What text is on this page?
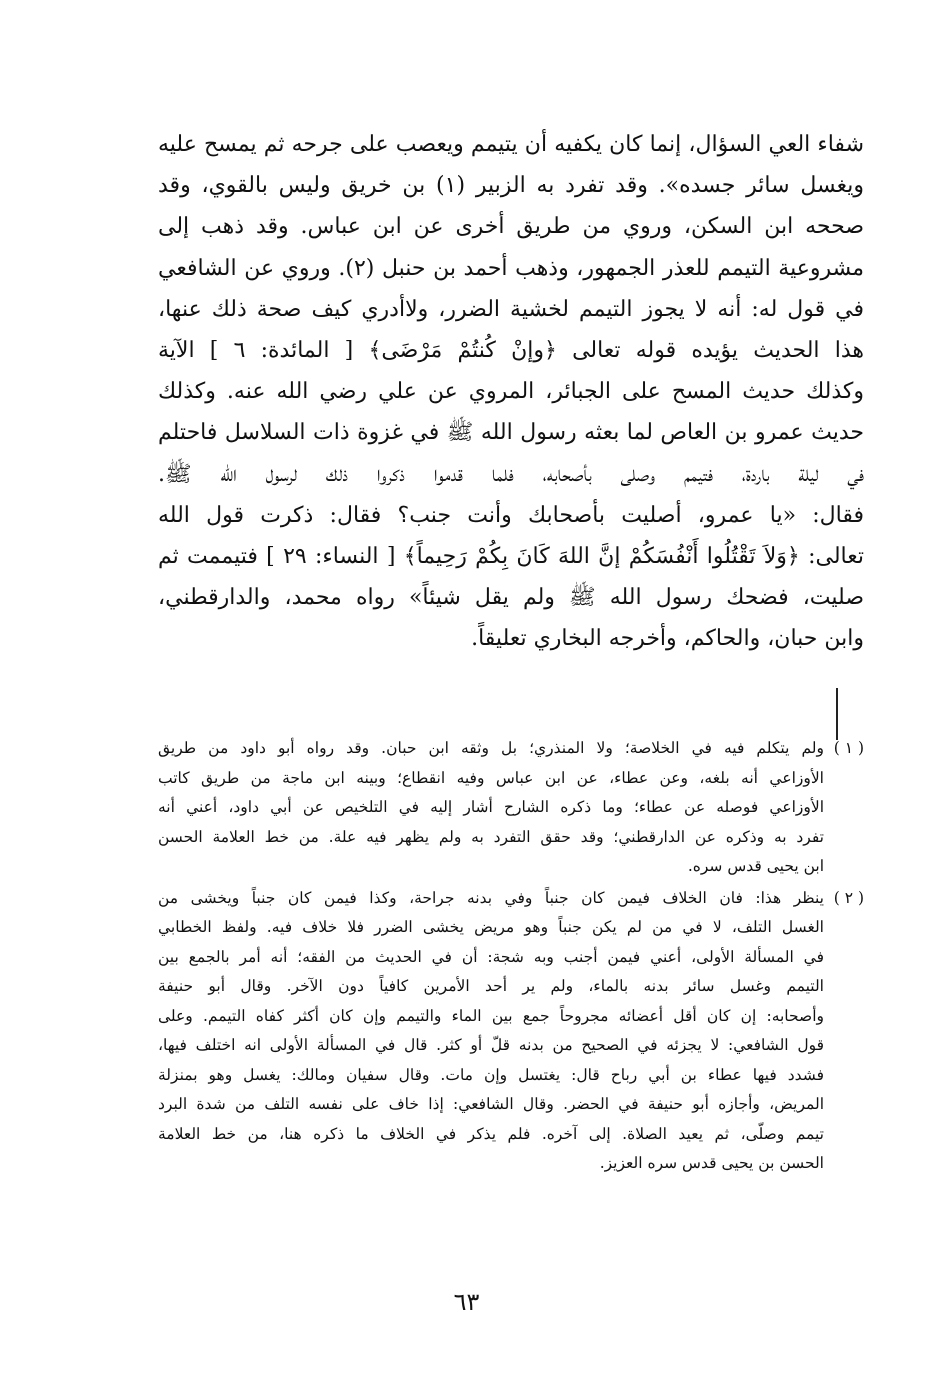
شفاء العي السؤال، إنما كان يكفيه أن يتيمم ويعصب على جرحه ثم يمسح عليه
ويغسل سائر جسده». وقد تفرد به الزبير (١) بن خريق وليس بالقوي، وقد
صححه ابن السكن، وروي من طريق أخرى عن ابن عباس. وقد ذهب إلى
مشروعية التيمم للعذر الجمهور، وذهب أحمد بن حنبل (٢). وروي عن الشافعي
في قول له: أنه لا يجوز التيمم لخشية الضرر، ولاأدري كيف صحة ذلك عنها،
هذا الحديث يؤيده قوله تعالى ﴿وإنْ كُنتُمْ مَرْضَى﴾ [ المائدة: ٦ ] الآية
وكذلك حديث المسح على الجبائر، المروي عن علي رضي الله عنه. وكذلك
حديث عمرو بن العاص لما بعثه رسول الله ﷺ في غزوة ذات السلاسل فاحتلم
في ليلة باردة، فتيمم وصلى بأصحابه، فلما قدموا ذكروا ذلك لرسول الله ﷺ.
فقال: «يا عمرو، أصليت بأصحابك وأنت جنب؟ فقال: ذكرت قول الله
تعالى: ﴿وَلاَ تَقْتُلُوا أَنْفُسَكُمْ إنَّ اللهَ كَانَ بِكُمْ رَحِيماً﴾ [ النساء: ٢٩ ] فتيممت ثم
صليت، فضحك رسول الله ﷺ ولم يقل شيئاً» رواه محمد، والدارقطني،
وابن حبان، والحاكم، وأخرجه البخاري تعليقاً.
( ١ )
ولم يتكلم فيه في الخلاصة؛ ولا المنذري؛ بل وثقه ابن حبان. وقد رواه أبو داود من طريق
الأوزاعي أنه بلغه، وعن عطاء، عن ابن عباس وفيه انقطاع؛ وبينه ابن ماجة من طريق كاتب
الأوزاعي فوصله عن عطاء؛ وما ذكره الشارح أشار إليه في التلخيص عن أبي داود، أعني أنه
تفرد به وذكره عن الدارقطني؛ وقد حقق التفرد به ولم يظهر فيه علة. من خط العلامة الحسن
ابن يحيى قدس سره.
( ٢ )
ينظر هذا: فان الخلاف فيمن كان جنباً وفي بدنه جراحة، وكذا فيمن كان جنباً ويخشى من
الغسل التلف، لا في من لم يكن جنباً وهو مريض يخشى الضرر فلا خلاف فيه. ولفظ الخطابي
في المسألة الأولى، أعني فيمن أجنب وبه شجة: أن في الحديث من الفقه؛ أنه أمر بالجمع بين
التيمم وغسل سائر بدنه بالماء، ولم ير أحد الأمرين كافياً دون الآخر. وقال أبو حنيفة
وأصحابه: إن كان أقل أعضائه مجروحاً جمع بين الماء والتيمم وإن كان أكثر كفاه التيمم. وعلى
قول الشافعي: لا يجزئه في الصحيح من بدنه قلّ أو كثر. قال في المسألة الأولى انه اختلف فيها،
فشدد فيها عطاء بن أبي رباح قال: يغتسل وإن مات. وقال سفيان ومالك: يغسل وهو بمنزلة
المريض، وأجازه أبو حنيفة في الحضر. وقال الشافعي: إذا خاف على نفسه التلف من شدة البرد
تيمم وصلّى، ثم يعيد الصلاة. إلى آخره. فلم يذكر في الخلاف ما ذكره هنا، من خط العلامة
الحسن بن يحيى قدس سره العزيز.
٦٣
